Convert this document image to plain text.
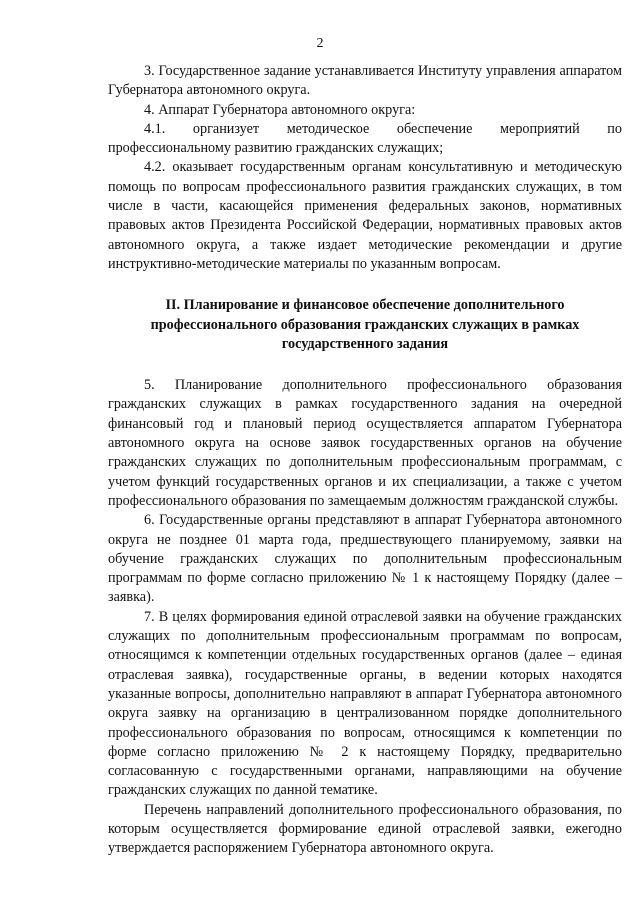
2

3. Государственное задание устанавливается Институту управления аппаратом Губернатора автономного округа.

4. Аппарат Губернатора автономного округа:

4.1. организует методическое обеспечение мероприятий по профессиональному развитию гражданских служащих;

4.2. оказывает государственным органам консультативную и методическую помощь по вопросам профессионального развития гражданских служащих, в том числе в части, касающейся применения федеральных законов, нормативных правовых актов Президента Российской Федерации, нормативных правовых актов автономного округа, а также издает методические рекомендации и другие инструктивно-методические материалы по указанным вопросам.

II. Планирование и финансовое обеспечение дополнительного профессионального образования гражданских служащих в рамках государственного задания

5. Планирование дополнительного профессионального образования гражданских служащих в рамках государственного задания на очередной финансовый год и плановый период осуществляется аппаратом Губернатора автономного округа на основе заявок государственных органов на обучение гражданских служащих по дополнительным профессиональным программам, с учетом функций государственных органов и их специализации, а также с учетом профессионального образования по замещаемым должностям гражданской службы.

6. Государственные органы представляют в аппарат Губернатора автономного округа не позднее 01 марта года, предшествующего планируемому, заявки на обучение гражданских служащих по дополнительным профессиональным программам по форме согласно приложению № 1 к настоящему Порядку (далее – заявка).

7. В целях формирования единой отраслевой заявки на обучение гражданских служащих по дополнительным профессиональным программам по вопросам, относящимся к компетенции отдельных государственных органов (далее – единая отраслевая заявка), государственные органы, в ведении которых находятся указанные вопросы, дополнительно направляют в аппарат Губернатора автономного округа заявку на организацию в централизованном порядке дополнительного профессионального образования по вопросам, относящимся к компетенции по форме согласно приложению № 2 к настоящему Порядку, предварительно согласованную с государственными органами, направляющими на обучение гражданских служащих по данной тематике.

Перечень направлений дополнительного профессионального образования, по которым осуществляется формирование единой отраслевой заявки, ежегодно утверждается распоряжением Губернатора автономного округа.
